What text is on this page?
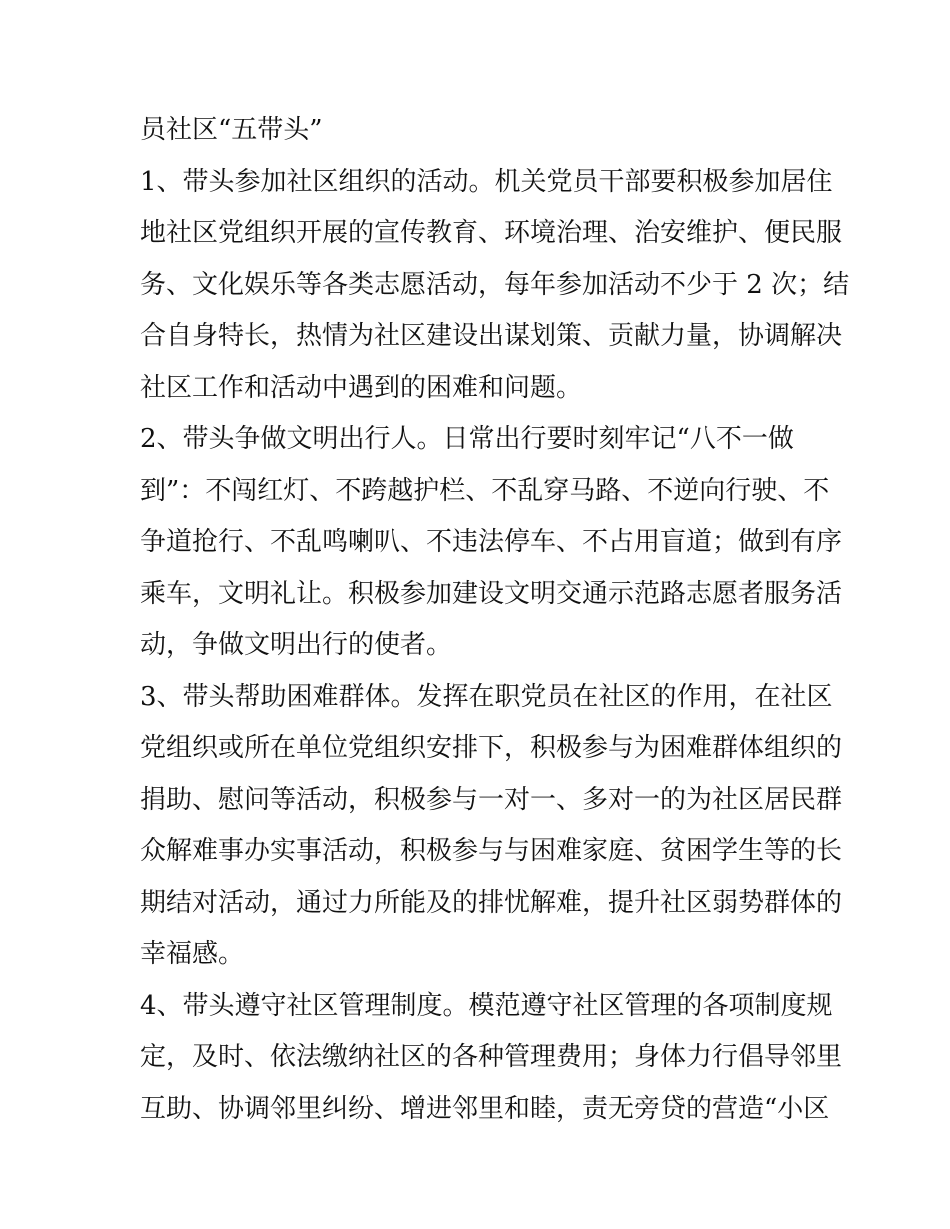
员社区“五带头”

1、带头参加社区组织的活动。机关党员干部要积极参加居住

地社区党组织开展的宣传教育、环境治理、治安维护、便民服

务、文化娱乐等各类志愿活动，每年参加活动不少于 2 次；结

合自身特长，热情为社区建设出谋划策、贡献力量，协调解决

社区工作和活动中遇到的困难和问题。

2、带头争做文明出行人。日常出行要时刻牢记“八不一做

到”：不闯红灯、不跨越护栏、不乱穿马路、不逆向行驶、不

争道抢行、不乱鸣喇叭、不违法停车、不占用盲道；做到有序

乘车，文明礼让。积极参加建设文明交通示范路志愿者服务活

动，争做文明出行的使者。

3、带头帮助困难群体。发挥在职党员在社区的作用，在社区

党组织或所在单位党组织安排下，积极参与为困难群体组织的

捐助、慰问等活动，积极参与一对一、多对一的为社区居民群

众解难事办实事活动，积极参与与困难家庭、贫困学生等的长

期结对活动，通过力所能及的排忧解难，提升社区弱势群体的

幸福感。

4、带头遵守社区管理制度。模范遵守社区管理的各项制度规

定，及时、依法缴纳社区的各种管理费用；身体力行倡导邻里

互助、协调邻里纠纷、增进邻里和睦，责无旁贷的营造“小区
